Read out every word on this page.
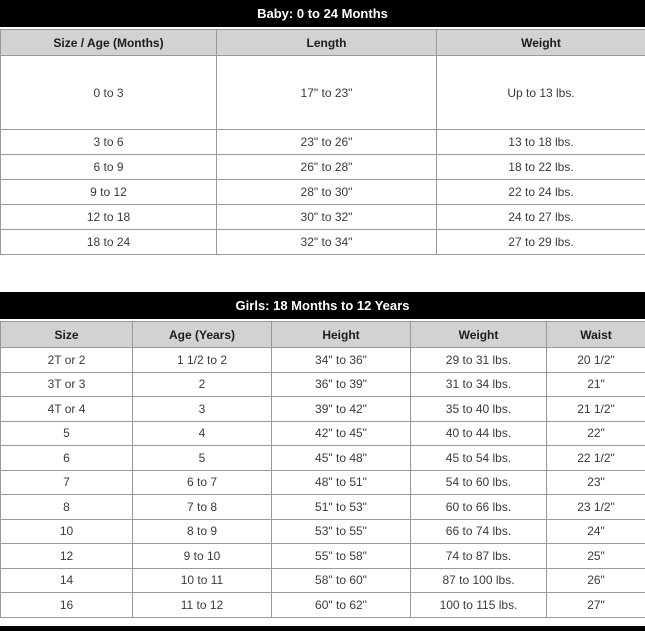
Baby: 0 to 24 Months
Size / Age (Months)	Length	Weight
0 to 3	17" to 23"	Up to 13 lbs.
3 to 6	23" to 26"	13 to 18 lbs.
6 to 9	26" to 28"	18 to 22 lbs.
9 to 12	28" to 30"	22 to 24 lbs.
12 to 18	30" to 32"	24 to 27 lbs.
18 to 24	32" to 34"	27 to 29 lbs.
Girls: 18 Months to 12 Years
Size	Age (Years)	Height	Weight	Waist
2T or 2	1 1/2 to 2	34" to 36"	29 to 31 lbs.	20 1/2"
3T or 3	2	36" to 39"	31 to 34 lbs.	21"
4T or 4	3	39" to 42"	35 to 40 lbs.	21 1/2"
5	4	42" to 45"	40 to 44 lbs.	22"
6	5	45" to 48"	45 to 54 lbs.	22 1/2"
7	6 to 7	48" to 51"	54 to 60 lbs.	23"
8	7 to 8	51" to 53"	60 to 66 lbs.	23 1/2"
10	8 to 9	53" to 55"	66 to 74 lbs.	24"
12	9 to 10	55" to 58"	74 to 87 lbs.	25"
14	10 to 11	58" to 60"	87 to 100 lbs.	26"
16	11 to 12	60" to 62"	100 to 115 lbs.	27"
